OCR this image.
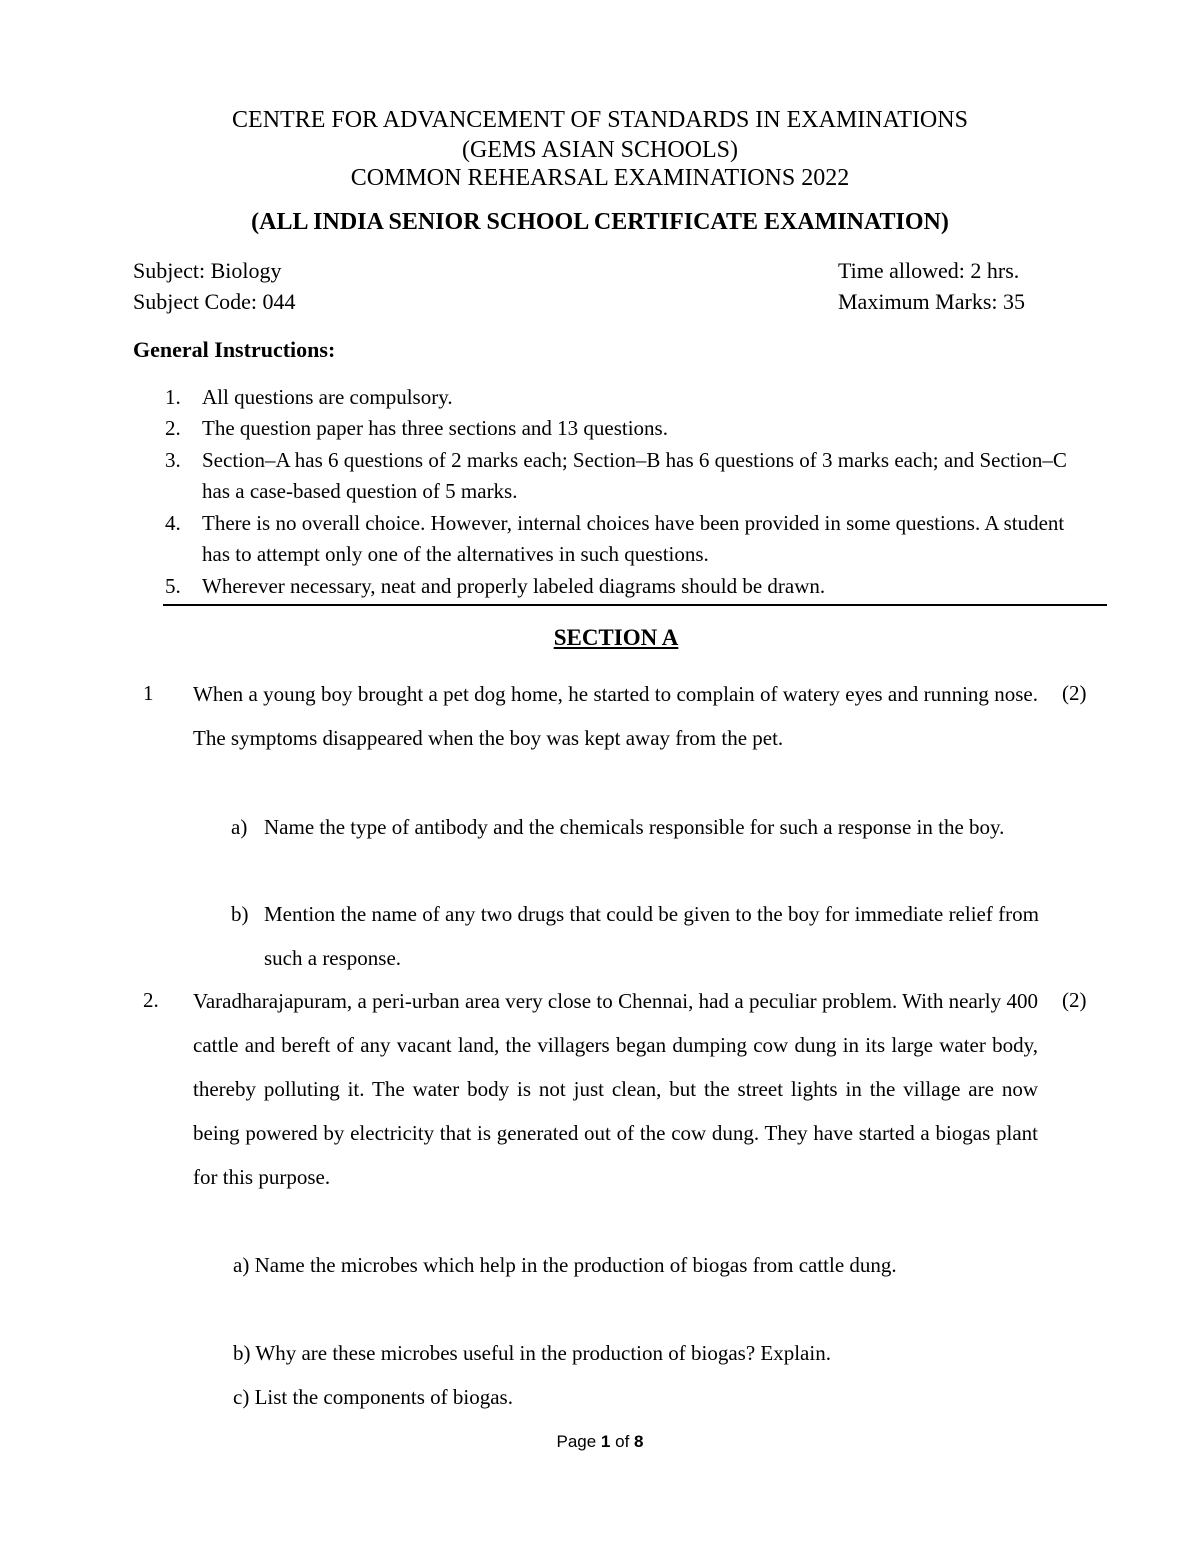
CENTRE FOR ADVANCEMENT OF STANDARDS IN EXAMINATIONS
(GEMS ASIAN SCHOOLS)
COMMON REHEARSAL EXAMINATIONS 2022
(ALL INDIA SENIOR SCHOOL CERTIFICATE EXAMINATION)
Subject: Biology
Subject Code: 044
Time allowed: 2 hrs.
Maximum Marks: 35
General Instructions:
1. All questions are compulsory.
2. The question paper has three sections and 13 questions.
3. Section–A has 6 questions of 2 marks each; Section–B has 6 questions of 3 marks each; and Section–C has a case-based question of 5 marks.
4. There is no overall choice. However, internal choices have been provided in some questions. A student has to attempt only one of the alternatives in such questions.
5. Wherever necessary, neat and properly labeled diagrams should be drawn.
SECTION A
1	(2)
When a young boy brought a pet dog home, he started to complain of watery eyes and running nose. The symptoms disappeared when the boy was kept away from the pet.
a) Name the type of antibody and the chemicals responsible for such a response in the boy.
b) Mention the name of any two drugs that could be given to the boy for immediate relief from such a response.
2.	(2)
Varadharajapuram, a peri-urban area very close to Chennai, had a peculiar problem. With nearly 400 cattle and bereft of any vacant land, the villagers began dumping cow dung in its large water body, thereby polluting it. The water body is not just clean, but the street lights in the village are now being powered by electricity that is generated out of the cow dung. They have started a biogas plant for this purpose.
a) Name the microbes which help in the production of biogas from cattle dung.
b) Why are these microbes useful in the production of biogas? Explain.
c) List the components of biogas.
Page 1 of 8
